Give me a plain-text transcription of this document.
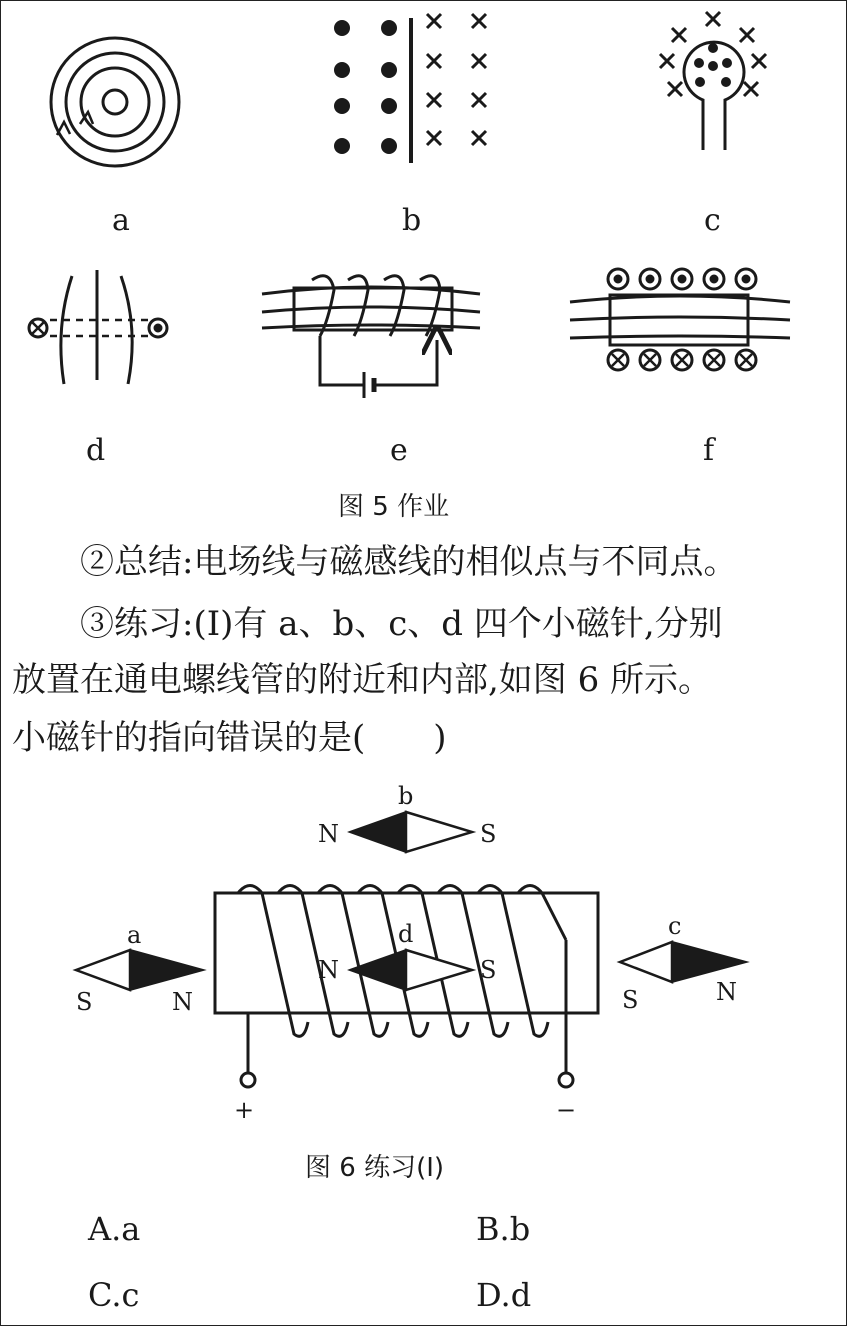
a	b	c
d	e	f
图 5 作业
+	−
b
N	S
a
S	N
d
N	S
c
S	N
图 6 练习(Ⅰ)
②总结:电场线与磁感线的相似点与不同点。
③练习:(Ⅰ)有 a、b、c、d 四个小磁针,分别
放置在通电螺线管的附近和内部,如图 6 所示。
小磁针的指向错误的是(　　)
A.a	B.b
C.c	D.d
